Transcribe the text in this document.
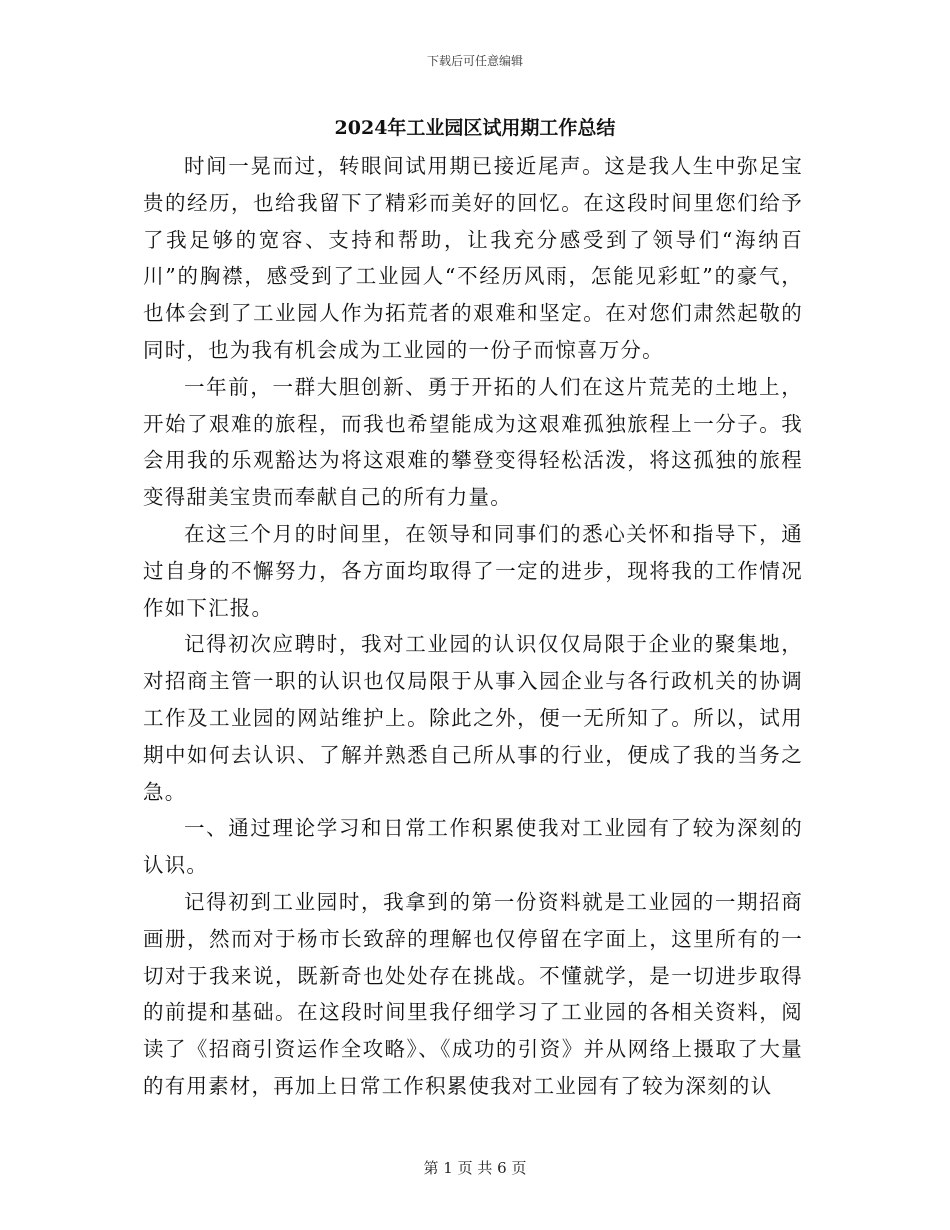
下载后可任意编辑
2024年工业园区试用期工作总结

时间一晃而过，转眼间试用期已接近尾声。这是我人生中弥足宝贵的经历，也给我留下了精彩而美好的回忆。在这段时间里您们给予了我足够的宽容、支持和帮助，让我充分感受到了领导们“海纳百川”的胸襟，感受到了工业园人“不经历风雨，怎能见彩虹”的豪气，也体会到了工业园人作为拓荒者的艰难和坚定。在对您们肃然起敬的同时，也为我有机会成为工业园的一份子而惊喜万分。

一年前，一群大胆创新、勇于开拓的人们在这片荒芜的土地上，开始了艰难的旅程，而我也希望能成为这艰难孤独旅程上一分子。我会用我的乐观豁达为将这艰难的攀登变得轻松活泼，将这孤独的旅程变得甜美宝贵而奉献自己的所有力量。

在这三个月的时间里，在领导和同事们的悉心关怀和指导下，通过自身的不懈努力，各方面均取得了一定的进步，现将我的工作情况作如下汇报。

记得初次应聘时，我对工业园的认识仅仅局限于企业的聚集地，对招商主管一职的认识也仅局限于从事入园企业与各行政机关的协调工作及工业园的网站维护上。除此之外，便一无所知了。所以，试用期中如何去认识、了解并熟悉自己所从事的行业，便成了我的当务之急。

一、通过理论学习和日常工作积累使我对工业园有了较为深刻的认识。

记得初到工业园时，我拿到的第一份资料就是工业园的一期招商画册，然而对于杨市长致辞的理解也仅停留在字面上，这里所有的一切对于我来说，既新奇也处处存在挑战。不懂就学，是一切进步取得的前提和基础。在这段时间里我仔细学习了工业园的各相关资料，阅读了《招商引资运作全攻略》、《成功的引资》并从网络上摄取了大量的有用素材，再加上日常工作积累使我对工业园有了较为深刻的认

第 1 页 共 6 页
